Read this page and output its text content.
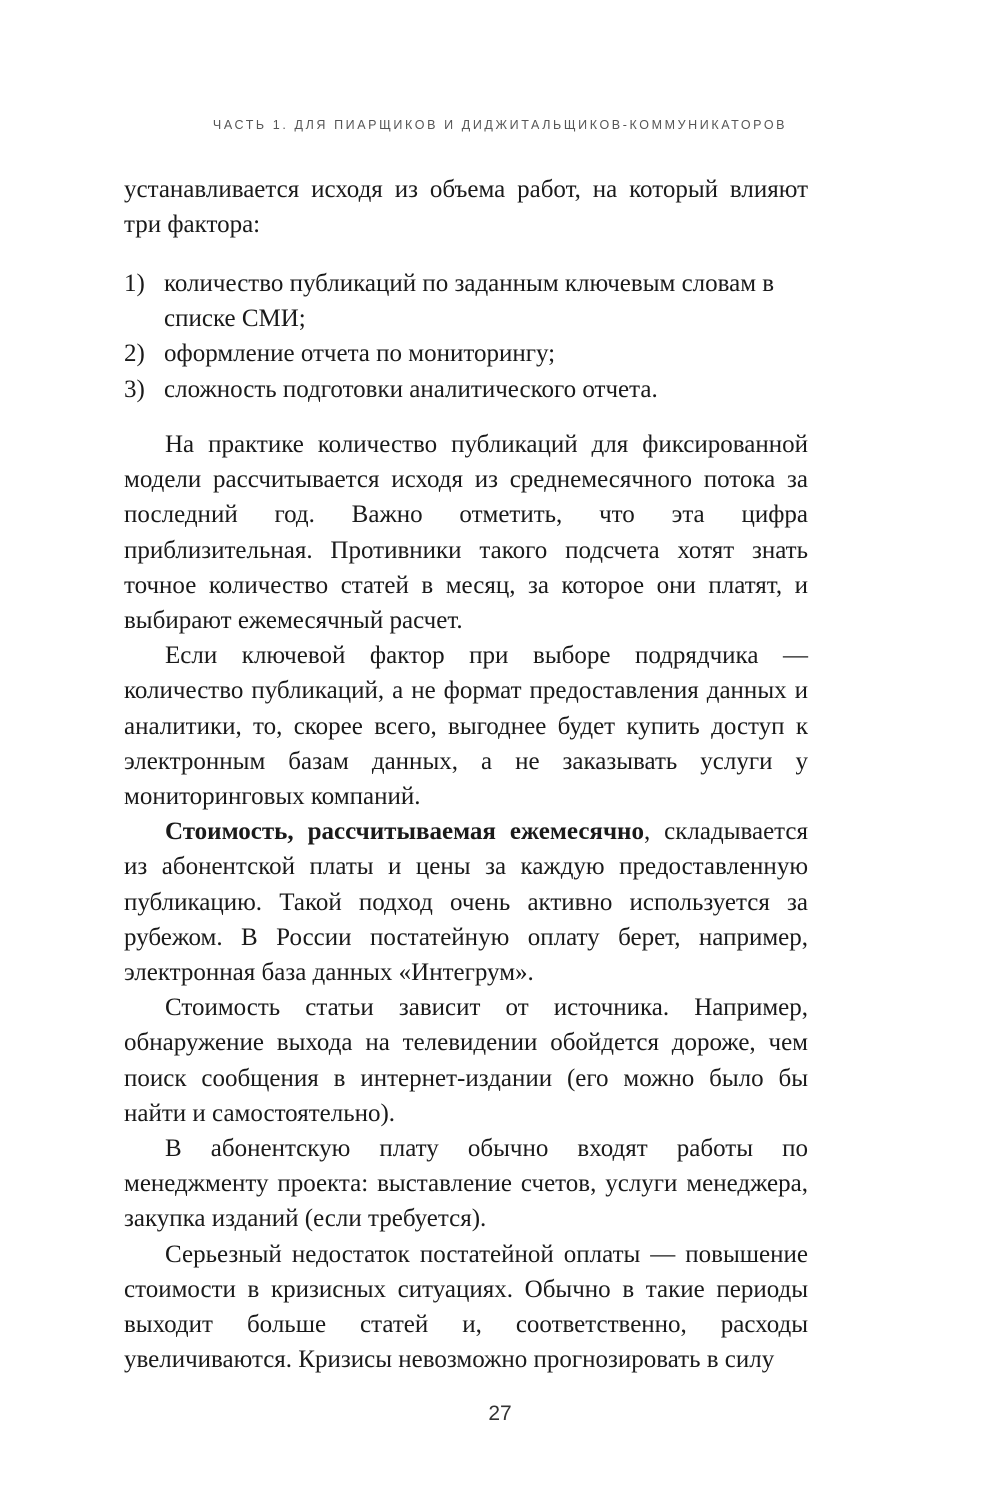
ЧАСТЬ 1. ДЛЯ ПИАРЩИКОВ И ДИДЖИТАЛЬЩИКОВ-КОММУНИКАТОРОВ

устанавливается исходя из объема работ, на который влияют три фактора:

1) количество публикаций по заданным ключевым словам в списке СМИ;
2) оформление отчета по мониторингу;
3) сложность подготовки аналитического отчета.

На практике количество публикаций для фиксированной модели рассчитывается исходя из среднемесячного потока за последний год. Важно отметить, что эта цифра приблизительная. Противники такого подсчета хотят знать точное количество статей в месяц, за которое они платят, и выбирают ежемесячный расчет.

Если ключевой фактор при выборе подрядчика — количество публикаций, а не формат предоставления данных и аналитики, то, скорее всего, выгоднее будет купить доступ к электронным базам данных, а не заказывать услуги у мониторинговых компаний.

Стоимость, рассчитываемая ежемесячно, складывается из абонентской платы и цены за каждую предоставленную публикацию. Такой подход очень активно используется за рубежом. В России постатейную оплату берет, например, электронная база данных «Интегрум».

Стоимость статьи зависит от источника. Например, обнаружение выхода на телевидении обойдется дороже, чем поиск сообщения в интернет-издании (его можно было бы найти и самостоятельно).

В абонентскую плату обычно входят работы по менеджменту проекта: выставление счетов, услуги менеджера, закупка изданий (если требуется).

Серьезный недостаток постатейной оплаты — повышение стоимости в кризисных ситуациях. Обычно в такие периоды выходит больше статей и, соответственно, расходы увеличиваются. Кризисы невозможно прогнозировать в силу

27
